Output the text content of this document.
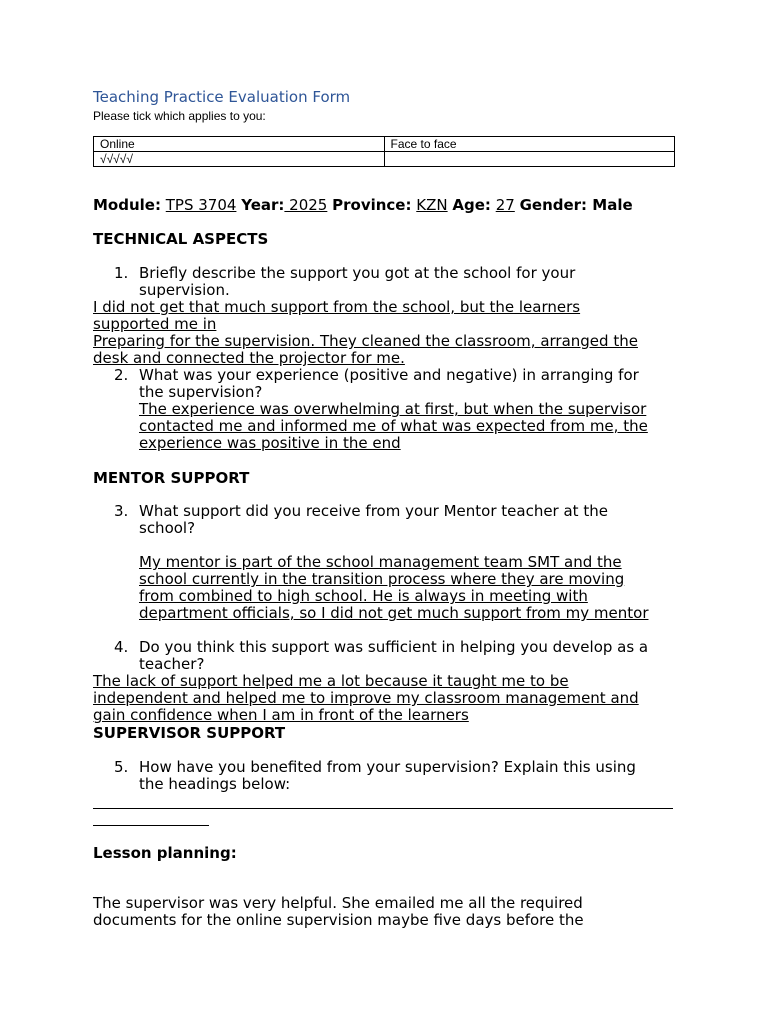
Teaching Practice Evaluation Form
Please tick which applies to you:
Online	Face to face
√√√√√	
Module: TPS 3704 Year: 2025 Province: KZN Age: 27 Gender: Male
TECHNICAL ASPECTS
1. Briefly describe the support you got at the school for your
supervision.
I did not get that much support from the school, but the learners
supported me in
Preparing for the supervision. They cleaned the classroom, arranged the
desk and connected the projector for me.
2. What was your experience (positive and negative) in arranging for
the supervision?
The experience was overwhelming at first, but when the supervisor
contacted me and informed me of what was expected from me, the
experience was positive in the end
MENTOR SUPPORT
3. What support did you receive from your Mentor teacher at the
school?
My mentor is part of the school management team SMT and the
school currently in the transition process where they are moving
from combined to high school. He is always in meeting with
department officials, so I did not get much support from my mentor
4. Do you think this support was sufficient in helping you develop as a
teacher?
The lack of support helped me a lot because it taught me to be
independent and helped me to improve my classroom management and
gain confidence when I am in front of the learners
SUPERVISOR SUPPORT
5. How have you benefited from your supervision? Explain this using
the headings below:
Lesson planning:
The supervisor was very helpful. She emailed me all the required
documents for the online supervision maybe five days before the
